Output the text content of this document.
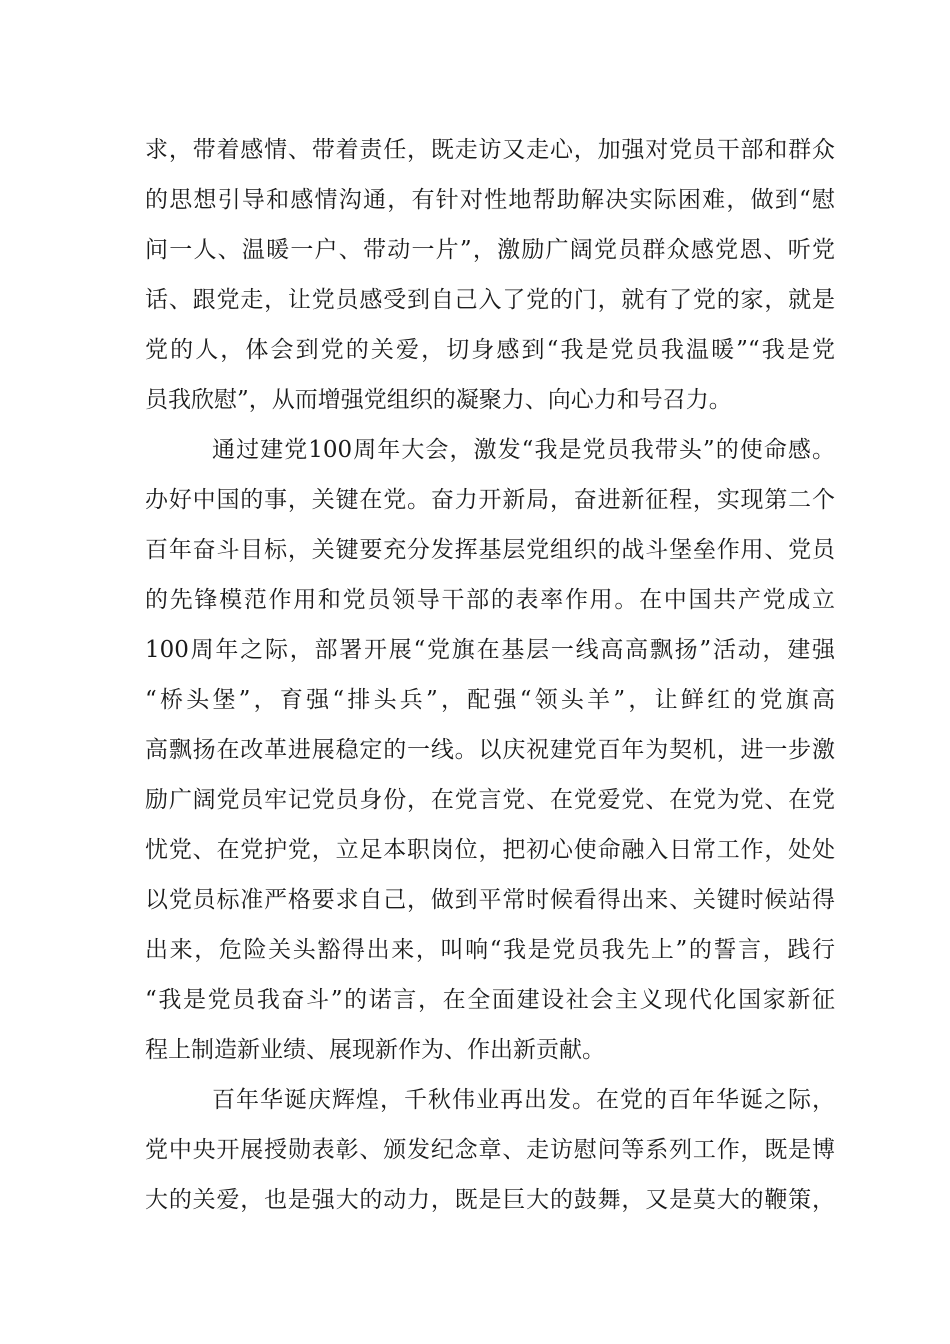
求，带着感情、带着责任，既走访又走心，加强对党员干部和群众
的思想引导和感情沟通，有针对性地帮助解决实际困难，做到“慰
问一人、温暖一户、带动一片”，激励广阔党员群众感党恩、听党
话、跟党走，让党员感受到自己入了党的门，就有了党的家，就是
党的人，体会到党的关爱，切身感到“我是党员我温暖”“我是党
员我欣慰”，从而增强党组织的凝聚力、向心力和号召力。
通过建党100周年大会，激发“我是党员我带头”的使命感。
办好中国的事，关键在党。奋力开新局，奋进新征程，实现第二个
百年奋斗目标，关键要充分发挥基层党组织的战斗堡垒作用、党员
的先锋模范作用和党员领导干部的表率作用。在中国共产党成立
100周年之际，部署开展“党旗在基层一线高高飘扬”活动，建强
“桥头堡”，育强“排头兵”，配强“领头羊”，让鲜红的党旗高
高飘扬在改革进展稳定的一线。以庆祝建党百年为契机，进一步激
励广阔党员牢记党员身份，在党言党、在党爱党、在党为党、在党
忧党、在党护党，立足本职岗位，把初心使命融入日常工作，处处
以党员标准严格要求自己，做到平常时候看得出来、关键时候站得
出来，危险关头豁得出来，叫响“我是党员我先上”的誓言，践行
“我是党员我奋斗”的诺言，在全面建设社会主义现代化国家新征
程上制造新业绩、展现新作为、作出新贡献。
百年华诞庆辉煌，千秋伟业再出发。在党的百年华诞之际，
党中央开展授勋表彰、颁发纪念章、走访慰问等系列工作，既是博
大的关爱，也是强大的动力，既是巨大的鼓舞，又是莫大的鞭策，
